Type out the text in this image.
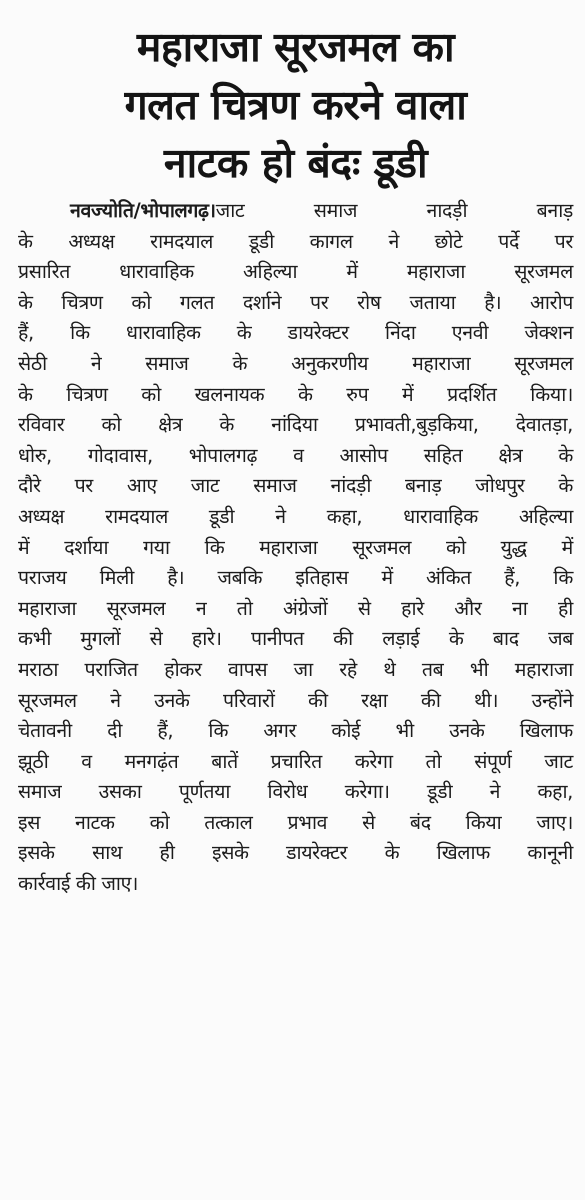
महाराजा सूरजमल का
गलत चित्रण करने वाला
नाटक हो बंदः डूडी
नवज्योति/भोपालगढ़।जाट समाज नादड़ी बनाड़
के अध्यक्ष रामदयाल डूडी कागल ने छोटे पर्दे पर
प्रसारित धारावाहिक अहिल्या में महाराजा सूरजमल
के चित्रण को गलत दर्शाने पर रोष जताया है। आरोप
हैं, कि धारावाहिक के डायरेक्टर निंदा एनवी जेक्शन
सेठी ने समाज के अनुकरणीय महाराजा सूरजमल
के चित्रण को खलनायक के रुप में प्रदर्शित किया।
रविवार को क्षेत्र के नांदिया प्रभावती,बुड़किया, देवातड़ा,
धोरु, गोदावास, भोपालगढ़ व आसोप सहित क्षेत्र के
दौरे पर आए जाट समाज नांदड़ी बनाड़ जोधपुर के
अध्यक्ष रामदयाल डूडी ने कहा, धारावाहिक अहिल्या
में दर्शाया गया कि महाराजा सूरजमल को युद्ध में
पराजय मिली है। जबकि इतिहास में अंकित हैं, कि
महाराजा सूरजमल न तो अंग्रेजों से हारे और ना ही
कभी मुगलों से हारे। पानीपत की लड़ाई के बाद जब
मराठा पराजित होकर वापस जा रहे थे तब भी महाराजा
सूरजमल ने उनके परिवारों की रक्षा की थी। उन्होंने
चेतावनी दी हैं, कि अगर कोई भी उनके खिलाफ
झूठी व मनगढ़ंत बातें प्रचारित करेगा तो संपूर्ण जाट
समाज उसका पूर्णतया विरोध करेगा। डूडी ने कहा,
इस नाटक को तत्काल प्रभाव से बंद किया जाए।
इसके साथ ही इसके डायरेक्टर के खिलाफ कानूनी
कार्रवाई की जाए।
